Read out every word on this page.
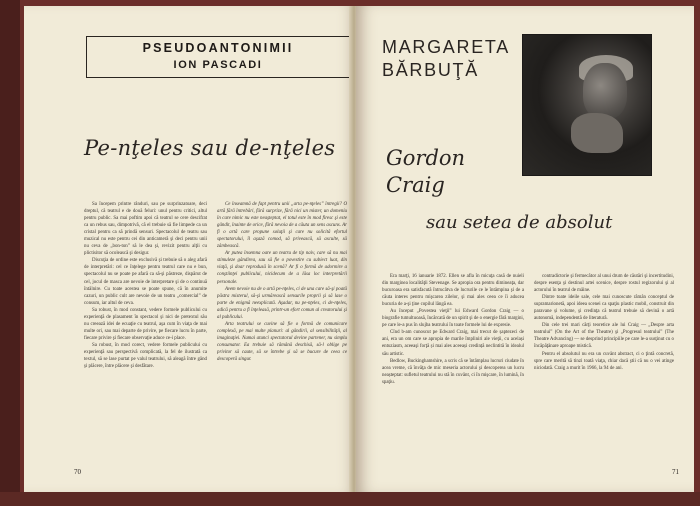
PSEUDOANTONIMII
ION PASCADI
Pe-nţeles sau de-nţeles

Sa începem printre rânduri, sau pe surprinzatoare, deci dreptul, că teatrul e de două feluri: unul pentru critici, altul pentru public. Sa mai poftim apoi că teatrul se cere descifrat ca un rebus sau, dimpotrivă, că el trebuie să fie limpede ca un cristal pentru ca să prindă sensuri. Spectacolul de teatru sau muzical nu este pentru cei din anticameră şi deci pentru unii nu ceva de „bon-ton” să le dea şi, revizit pentru alţii cu plictisitor să ocolească şi desigur.

Discuţia de ordine este exclusivă şi trebuie să o aleg afară de interpretări: cel ce înţelege pentru teatrul care nu e bun, spectacolul nu se poate pe afară ca să-şi păstreze, dispărut de cel, jocul de masca are nevoie de interpretare şi de o continuă întâlnire. Cu toate acestea se poate spune, că în anumite cazuri, un public cult are nevoie de un teatru „comercial” de consum, iar altul de ceva.

Sa robust, în mod constant, vedere formele publicului cu experienţă de plasament în spectacol şi nici de pretextul său nu creează idei de ecuaţie cu teatrul, aşa cum în viaţa de mai multe ori, sau mai departe de privire, pe fiecare lucru în parte, fiecare privire şi fiecare observaţie aduce ce-i place.

Sa robust, în mod corect, vedere formele publicului cu experienţă sau perspectivă complicată, la fel de ilustrată ca textul, să se lase purtat pe valul teatrului, să aleagă între gând şi plăcere, între plăcere şi desfătare.

Ce înseamnă de fapt pentru unii „arta pe-nţeles” întregii? O artă fără întrebări, fără surprize, fără nici un mister, un domeniu în care nimic nu este neaşteptat, el totul este în mod firesc şi este gândit, înainte de orice, fără nevoia de a căuta un sens ascuns. Ar fi o artă care propune soluţii şi care nu solicită efortul spectatorului, îl aşază comod, să privească, să asculte, să zâmbească.

Ar putea însemna oare un teatru de tip naiv, care să nu mai stimuleze gândirea, sau să fie o povestire cu subiect luat, din viaţă, şi doar reprodusă în scenă? Ar fi o formă de adormire a conştiinţei publicului, nicidecum de a lăsa loc interpretării personale.

Avem nevoie nu de o artă pe-nţeles, ci de una care să-şi poată păstra misterul, să-şi urmărească sensurile proprii şi să lase o parte de enigmă neexplicată. Aşadar, nu pe-nţeles, ci de-nţeles, adică pentru a fi înţeleasă, printr-un efort comun al creatorului şi al publicului.

Arta teatrului se cuvine să fie o formă de comunicare complexă, pe mai multe planuri: al gândirii, al sensibilităţii, al imaginaţiei. Numai atunci spectatorul devine partener, nu simplu consumator. Ea trebuie să rămână deschisă, să-l oblige pe privitor să caute, să se întrebe şi să se bucure de ceea ce descoperă singur.

70
MARGARETA
BĂRBUŢĂ
Gordon
Craig
sau setea de absolut

Era marţi, 16 ianuarie 1872. Ellen se afla în micuţa casă de nuieli din marginea localităţii Stevenage. Se apropia ora pentru dimineaţa, dar bucuroasa era satisfacută întrucâtva de lucrurile ce le întâmpina şi de a căuta interes pentru mişcarea zilelor, şi mai ales ceea ce îi aducea bucuria de a-şi ţine copilul lângă ea.

Au început „Povestea vieţii” lui Edward Gordon Craig — o biografie tumultuoasă, încărcată de un spirit şi de o energie fără margini, pe care le-a pus în slujba teatrului în toate formele lui de expresie.

Cînd b-am cunoscut pe Edward Craig, mai trecut de șaptezeci de ani, era un om care se apropia de marile împliniri ale vieţii, cu același entuziasm, aceeaşi forţă și mai ales aceeași credință neclintită în idealul său artistic.

Bedlow, Buckinghamshire, a scris că se întâmplau lucruri ciudate în acea vreme, că învăţa de mic meseria actorului şi descoperea un lucru neașteptat: sufletul teatrului nu stă în cuvânt, ci în mişcare, în lumină, în spaţiu.

contradictorie şi fermecător al unui drum de căutări şi incertitudini, despre esenţa şi destinul artei scenice, despre rostul regizorului şi al actorului în teatrul de mâine.

Dintre toate ideile sale, cele mai cunoscute rămân conceptul de supramarionetă, apoi ideea scenei ca spaţiu plastic mobil, construit din paravane și volume, şi credinţa că teatrul trebuie să devină o artă autonomă, independentă de literatură.

Din cele trei mari cărţi teoretice ale lui Craig — „Despre arta teatrului” (On the Art of the Theatre) şi „Progresul teatrului” (The Theatre Advancing) — se desprind principiile pe care le-a susţinut cu o încăpăţânare aproape mistică.

Pentru el absolutul nu era un cuvânt abstract, ci o ţintă concretă, spre care merită să tinzi toată viaţa, chiar dacă ştii că nu o vei atinge niciodată. Craig a murit în 1966, la 94 de ani.

71
